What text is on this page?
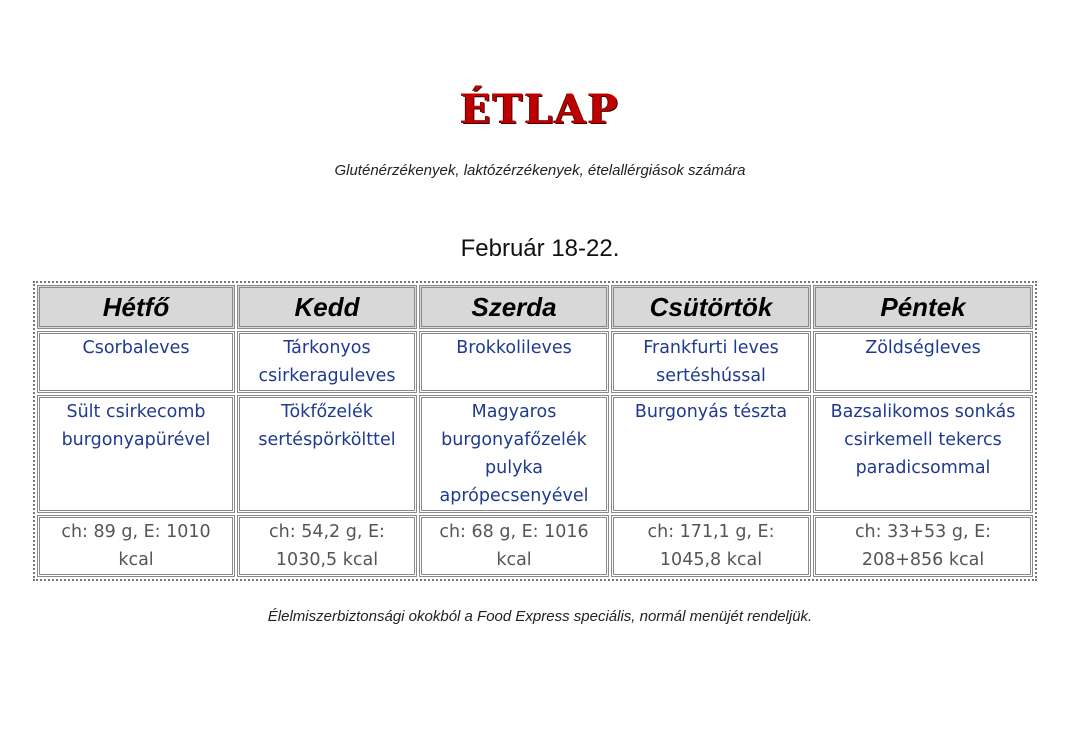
ÉTLAP
Gluténérzékenyek, laktózérzékenyek, ételallérgiások számára
Február 18-22.
Hétfő	Kedd	Szerda	Csütörtök	Péntek
Csorbaleves	Tárkonyos csirkeraguleves	Brokkolileves	Frankfurti leves sertéshússal	Zöldségleves
Sült csirkecomb burgonyapürével	Tökfőzelék sertéspörkölttel	Magyaros burgonyafőzelék pulyka aprópecsenyével	Burgonyás tészta	Bazsalikomos sonkás csirkemell tekercs paradicsommal
ch: 89 g, E: 1010 kcal	ch: 54,2 g, E: 1030,5 kcal	ch: 68 g, E: 1016 kcal	ch: 171,1 g, E: 1045,8 kcal	ch: 33+53 g, E: 208+856 kcal
Élelmiszerbiztonsági okokból a Food Express speciális, normál menüjét rendeljük.
